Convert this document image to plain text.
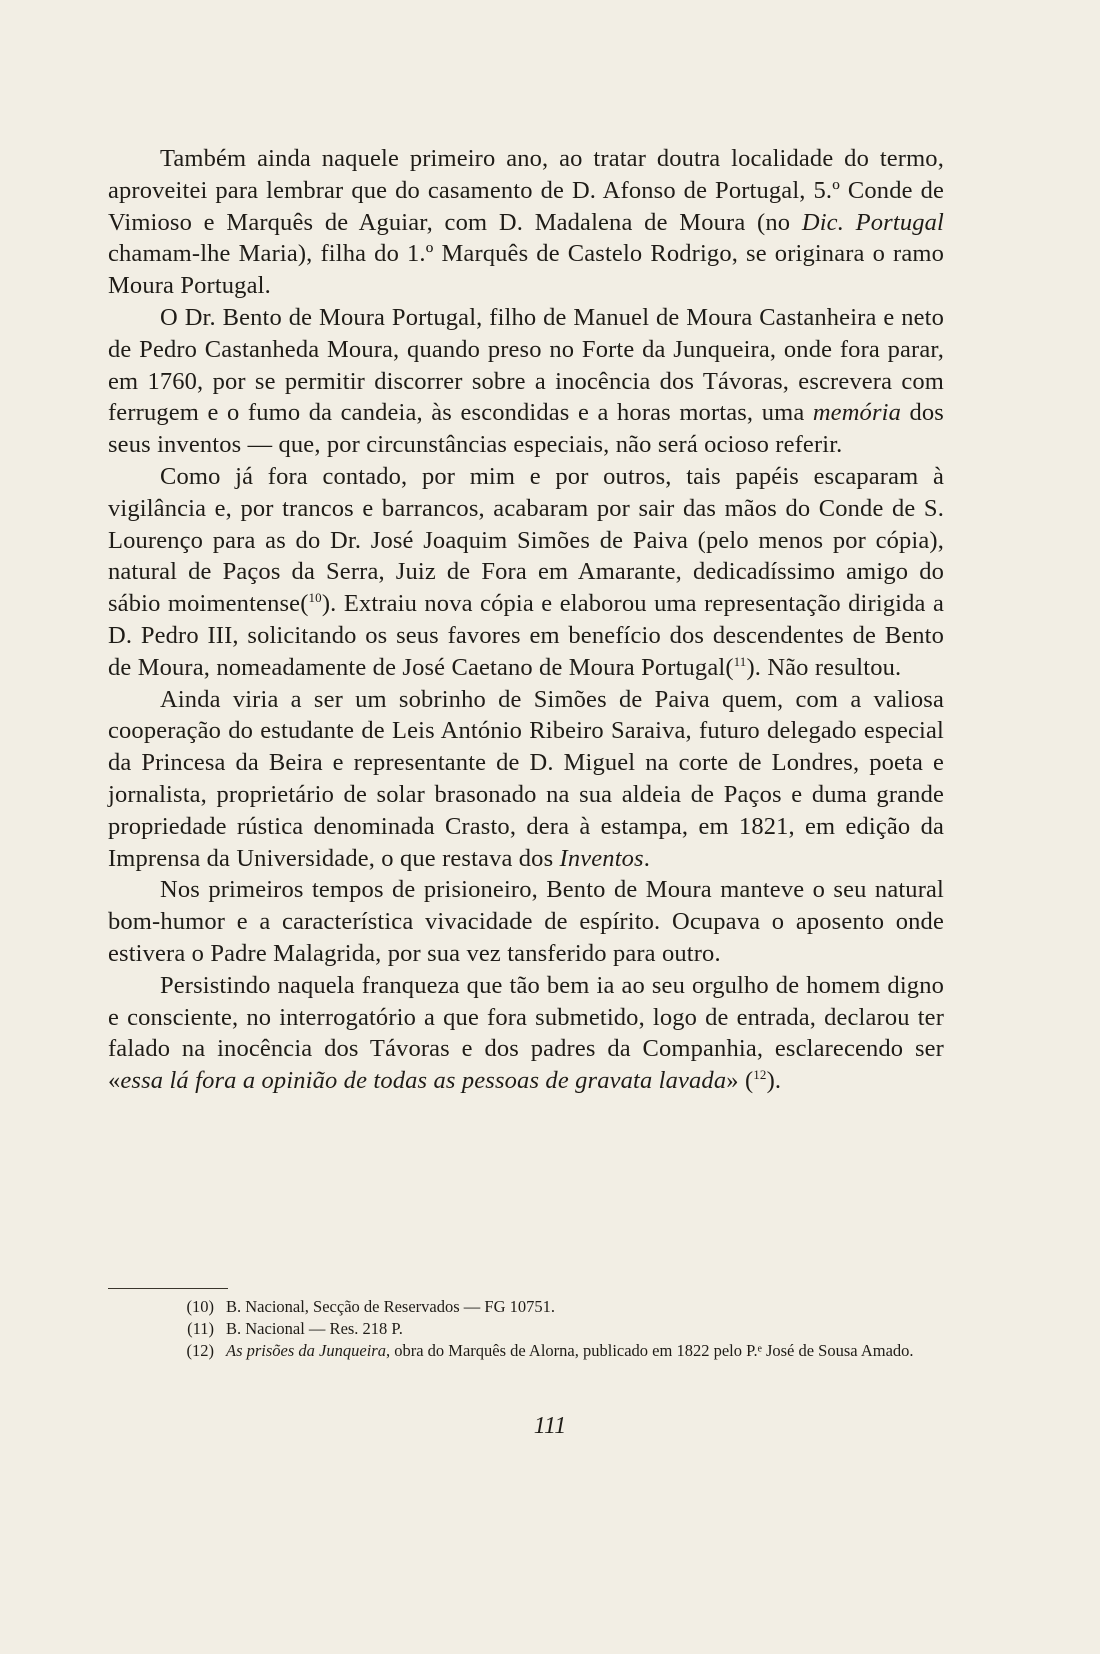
Também ainda naquele primeiro ano, ao tratar doutra localidade do termo, aproveitei para lembrar que do casamento de D. Afonso de Portugal, 5.º Conde de Vimioso e Marquês de Aguiar, com D. Madalena de Moura (no Dic. Portugal chamam-lhe Maria), filha do 1.º Marquês de Castelo Rodrigo, se originara o ramo Moura Portugal.

O Dr. Bento de Moura Portugal, filho de Manuel de Moura Castanheira e neto de Pedro Castanheda Moura, quando preso no Forte da Junqueira, onde fora parar, em 1760, por se permitir discorrer sobre a inocência dos Távoras, escrevera com ferrugem e o fumo da candeia, às escondidas e a horas mortas, uma memória dos seus inventos — que, por circunstâncias especiais, não será ocioso referir.

Como já fora contado, por mim e por outros, tais papéis escaparam à vigilância e, por trancos e barrancos, acabaram por sair das mãos do Conde de S. Lourenço para as do Dr. José Joaquim Simões de Paiva (pelo menos por cópia), natural de Paços da Serra, Juiz de Fora em Amarante, dedicadíssimo amigo do sábio moimentense($^{10}$). Extraiu nova cópia e elaborou uma representação dirigida a D. Pedro III, solicitando os seus favores em benefício dos descendentes de Bento de Moura, nomeadamente de José Caetano de Moura Portugal($^{11}$). Não resultou.

Ainda viria a ser um sobrinho de Simões de Paiva quem, com a valiosa cooperação do estudante de Leis António Ribeiro Saraiva, futuro delegado especial da Princesa da Beira e representante de D. Miguel na corte de Londres, poeta e jornalista, proprietário de solar brasonado na sua aldeia de Paços e duma grande propriedade rústica denominada Crasto, dera à estampa, em 1821, em edição da Imprensa da Universidade, o que restava dos Inventos.

Nos primeiros tempos de prisioneiro, Bento de Moura manteve o seu natural bom-humor e a característica vivacidade de espírito. Ocupava o aposento onde estivera o Padre Malagrida, por sua vez tansferido para outro.

Persistindo naquela franqueza que tão bem ia ao seu orgulho de homem digno e consciente, no interrogatório a que fora submetido, logo de entrada, declarou ter falado na inocência dos Távoras e dos padres da Companhia, esclarecendo ser «essa lá fora a opinião de todas as pessoas de gravata lavada» ($^{12}$).

(10) B. Nacional, Secção de Reservados — FG 10751.
(11) B. Nacional — Res. 218 P.
(12) As prisões da Junqueira, obra do Marquês de Alorna, publicado em 1822 pelo P.ᵉ José de Sousa Amado.
111
